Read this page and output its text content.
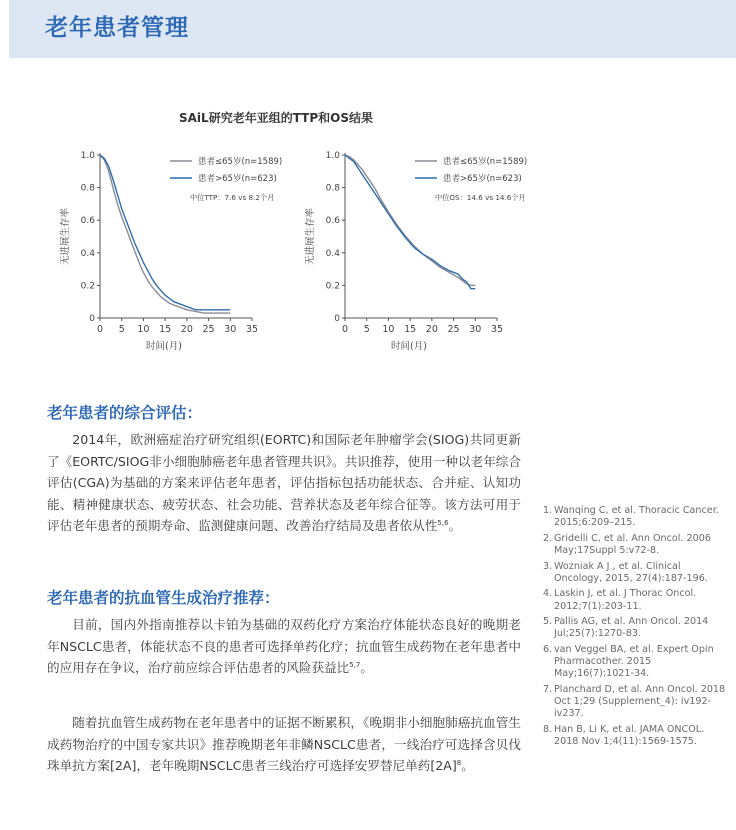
老年患者管理
SAiL研究老年亚组的TTP和OS结果
0 5 10 15 20 25 30 35
0
0.2
0.4
0.6
0.8
1.0
时间(月)
无进展生存率
患者≤65岁(n=1589)
患者>65岁(n=623)
中位TTP：7.6 vs 8.2个月
0 5 10 15 20 25 30 35
0
0.2
0.4
0.6
0.8
1.0
时间(月)
无进展生存率
患者≤65岁(n=1589)
患者>65岁(n=623)
中位OS：14.6 vs 14.6个月
老年患者的综合评估：

2014年，欧洲癌症治疗研究组织(EORTC)和国际老年肿瘤学会(SIOG)共同更新了《EORTC/SIOG非小细胞肺癌老年患者管理共识》。共识推荐，使用一种以老年综合评估(CGA)为基础的方案来评估老年患者，评估指标包括功能状态、合并症、认知功能、精神健康状态、疲劳状态、社会功能、营养状态及老年综合征等。该方法可用于评估老年患者的预期寿命、监测健康问题、改善治疗结局及患者依从性$^{5,6}$。

老年患者的抗血管生成治疗推荐：

目前，国内外指南推荐以卡铂为基础的双药化疗方案治疗体能状态良好的晚期老年NSCLC患者，体能状态不良的患者可选择单药化疗；抗血管生成药物在老年患者中的应用存在争议，治疗前应综合评估患者的风险获益比$^{5,7}$。

随着抗血管生成药物在老年患者中的证据不断累积，《晚期非小细胞肺癌抗血管生成药物治疗的中国专家共识》推荐晚期老年非鳞NSCLC患者，一线治疗可选择含贝伐珠单抗方案[2A]，老年晚期NSCLC患者三线治疗可选择安罗替尼单药$[2A]^8$。

1. Wanqing C, et al. Thoracic Cancer. 2015;6:209–215.
2. Gridelli C, et al. Ann Oncol. 2006 May;17Suppl 5:v72-8.
3. Wozniak A J , et al. Clinical Oncology, 2015, 27(4):187-196.
4. Laskin J, et al. J Thorac Oncol. 2012;7(1):203-11.
5. Pallis AG, et al. Ann Oncol. 2014 Jul;25(7):1270-83.
6. van Veggel BA, et al. Expert Opin Pharmacother. 2015 May;16(7):1021-34.
7. Planchard D, et al. Ann Oncol. 2018 Oct 1;29 (Supplement_4): iv192-iv237.
8. Han B, Li K, et al. JAMA ONCOL. 2018 Nov 1;4(11):1569-1575.
